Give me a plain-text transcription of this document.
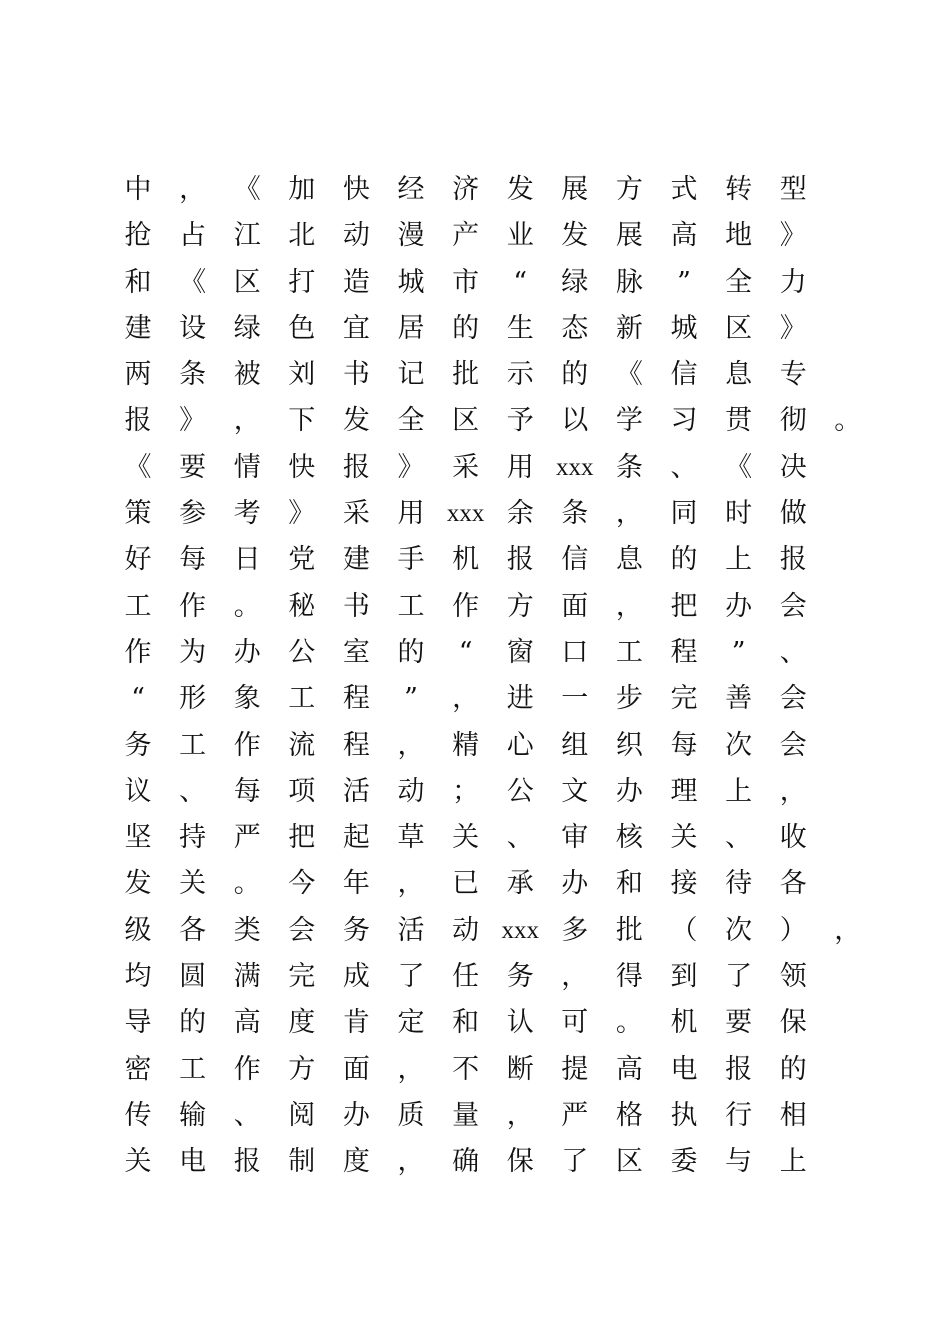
中 ， 《 加 快 经 济 发 展 方 式 转 型
抢 占 江 北 动 漫 产 业 发 展 高 地 》
和 《 区 打 造 城 市 “ 绿 脉 ” 全 力
建 设 绿 色 宜 居 的 生 态 新 城 区 》
两 条 被 刘 书 记 批 示 的 《 信 息 专
报 》 ， 下 发 全 区 予 以 学 习 贯 彻 。
《 要 情 快 报 》 采 用 xxx 条 、 《 决
策 参 考 》 采 用 xxx 余 条 ， 同 时 做
好 每 日 党 建 手 机 报 信 息 的 上 报
工 作 。 秘 书 工 作 方 面 ， 把 办 会
作 为 办 公 室 的 “ 窗 口 工 程 ” 、
“ 形 象 工 程 ” ， 进 一 步 完 善 会
务 工 作 流 程 ， 精 心 组 织 每 次 会
议 、 每 项 活 动 ； 公 文 办 理 上 ，
坚 持 严 把 起 草 关 、 审 核 关 、 收
发 关 。 今 年 ， 已 承 办 和 接 待 各
级 各 类 会 务 活 动 xxx 多 批 （ 次 ） ，
均 圆 满 完 成 了 任 务 ， 得 到 了 领
导 的 高 度 肯 定 和 认 可 。 机 要 保
密 工 作 方 面 ， 不 断 提 高 电 报 的
传 输 、 阅 办 质 量 ， 严 格 执 行 相
关 电 报 制 度 ， 确 保 了 区 委 与 上
